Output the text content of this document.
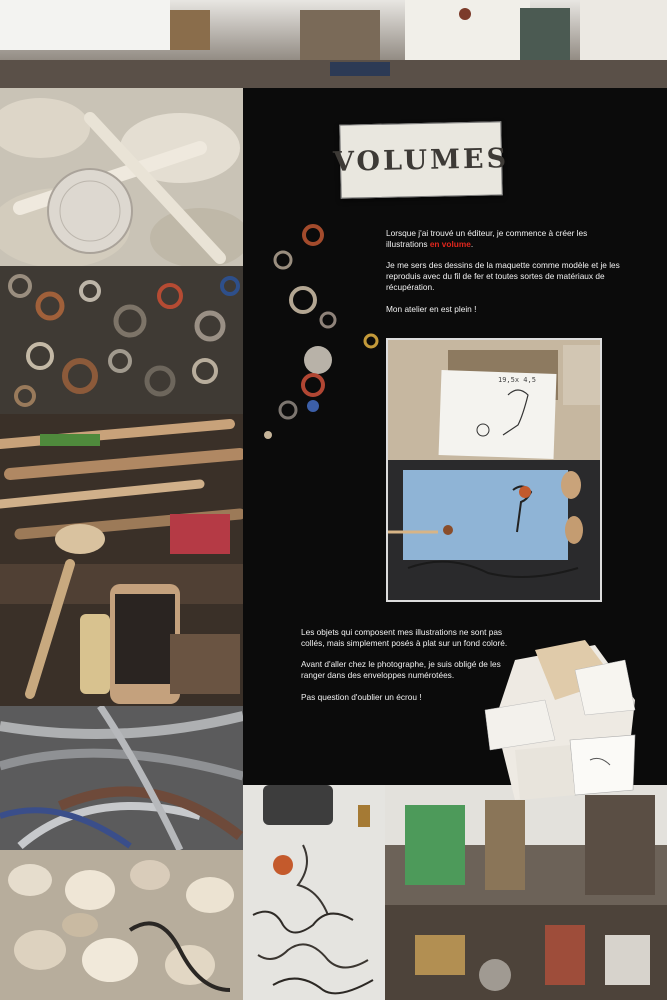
VOLUMES

Lorsque j'ai trouvé un éditeur, je commence à créer les illustrations en volume.

Je me sers des dessins de la maquette comme modèle et je les reproduis avec du fil de fer et toutes sortes de matériaux de récupération.

Mon atelier en est plein !

19,5x 4,5

Les objets qui composent mes illustrations ne sont pas collés, mais simplement posés à plat sur un fond coloré.

Avant d'aller chez le photographe, je suis obligé de les ranger dans des enveloppes numérotées.

Pas question d'oublier un écrou !
